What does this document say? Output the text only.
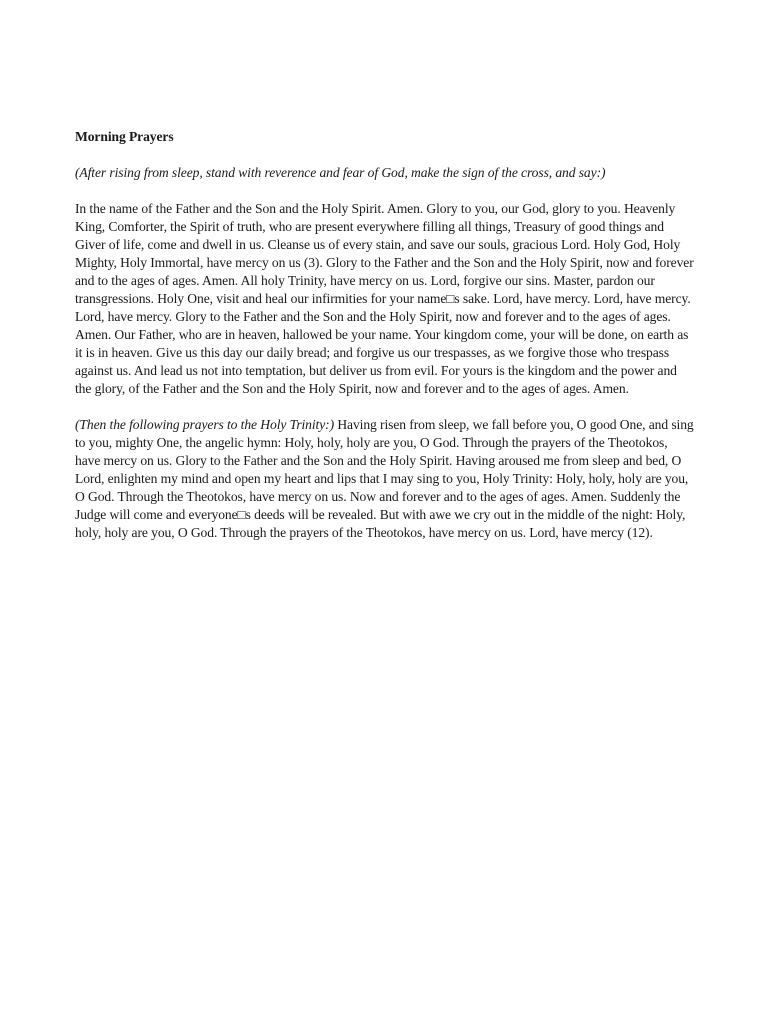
Morning Prayers
(After rising from sleep, stand with reverence and fear of God, make the sign of the cross, and say:)
In the name of the Father and the Son and the Holy Spirit. Amen. Glory to you, our God, glory to you. Heavenly King, Comforter, the Spirit of truth, who are present everywhere filling all things, Treasury of good things and Giver of life, come and dwell in us. Cleanse us of every stain, and save our souls, gracious Lord. Holy God, Holy Mighty, Holy Immortal, have mercy on us (3). Glory to the Father and the Son and the Holy Spirit, now and forever and to the ages of ages. Amen. All holy Trinity, have mercy on us. Lord, forgive our sins. Master, pardon our transgressions. Holy One, visit and heal our infirmities for your name□s sake. Lord, have mercy. Lord, have mercy. Lord, have mercy. Glory to the Father and the Son and the Holy Spirit, now and forever and to the ages of ages. Amen. Our Father, who are in heaven, hallowed be your name. Your kingdom come, your will be done, on earth as it is in heaven. Give us this day our daily bread; and forgive us our trespasses, as we forgive those who trespass against us. And lead us not into temptation, but deliver us from evil. For yours is the kingdom and the power and the glory, of the Father and the Son and the Holy Spirit, now and forever and to the ages of ages. Amen.
(Then the following prayers to the Holy Trinity:) Having risen from sleep, we fall before you, O good One, and sing to you, mighty One, the angelic hymn: Holy, holy, holy are you, O God. Through the prayers of the Theotokos, have mercy on us. Glory to the Father and the Son and the Holy Spirit. Having aroused me from sleep and bed, O Lord, enlighten my mind and open my heart and lips that I may sing to you, Holy Trinity: Holy, holy, holy are you, O God. Through the Theotokos, have mercy on us. Now and forever and to the ages of ages. Amen. Suddenly the Judge will come and everyone□s deeds will be revealed. But with awe we cry out in the middle of the night: Holy, holy, holy are you, O God. Through the prayers of the Theotokos, have mercy on us. Lord, have mercy (12).
